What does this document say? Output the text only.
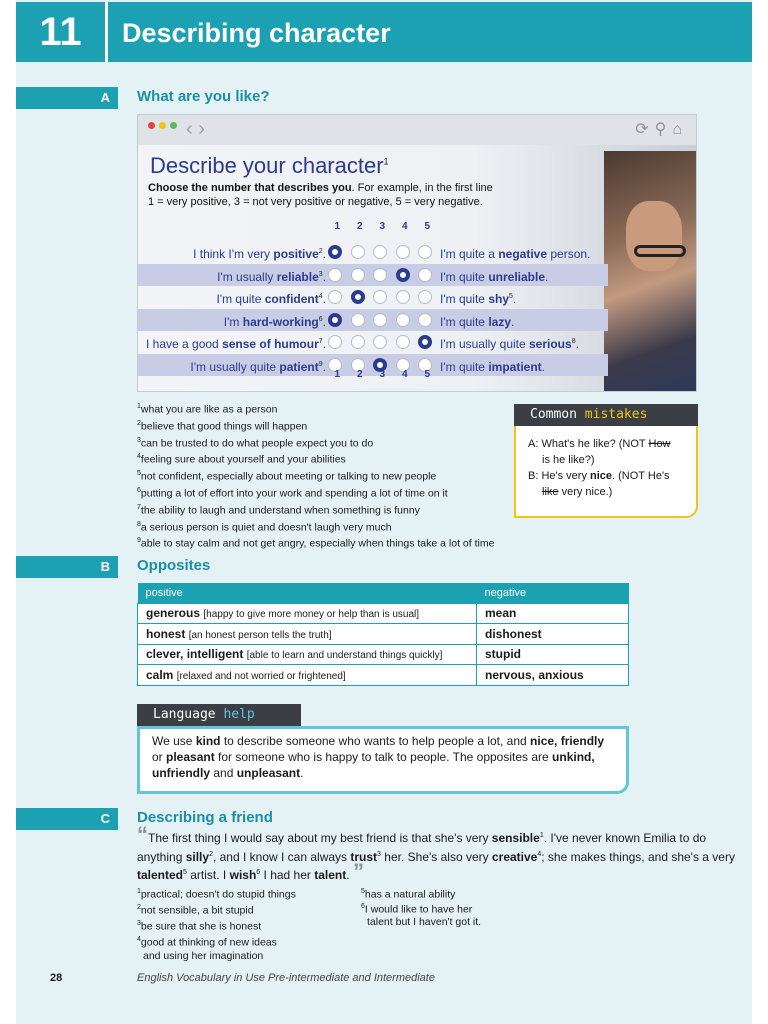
11	Describing character
A	What are you like?
‹ ›	⟳⚲⌂
Describe your character$^1$
Choose the number that describes you. For example, in the first line
1 = very positive, 3 = not very positive or negative, 5 = very negative.
1 2 3 4 5
I think I'm very positive$^2$.	I'm quite a negative person.
I'm usually reliable$^3$.	I'm quite unreliable.
I'm quite confident$^4$.	I'm quite shy$^5$.
I'm hard-working$^6$.	I'm quite lazy.
I have a good sense of humour$^7$.	I'm usually quite serious$^8$.
I'm usually quite patient$^9$.	I'm quite impatient.
1 2 3 4 5
$^1$what you are like as a person
$^2$believe that good things will happen
$^3$can be trusted to do what people expect you to do
$^4$feeling sure about yourself and your abilities
$^5$not confident, especially about meeting or talking to new people
$^6$putting a lot of effort into your work and spending a lot of time on it
$^7$the ability to laugh and understand when something is funny
$^8$a serious person is quiet and doesn't laugh very much
$^9$able to stay calm and not get angry, especially when things take a lot of time
Common mistakes
A: What's he like? (NOT How
is he like?)
B: He's very nice. (NOT He's
like very nice.)
B	Opposites
positive	negative
generous [happy to give more money or help than is usual]	mean
honest [an honest person tells the truth]	dishonest
clever, intelligent [able to learn and understand things quickly]	stupid
calm [relaxed and not worried or frightened]	nervous, anxious
Language help
We use kind to describe someone who wants to help people a lot, and nice, friendly
or pleasant for someone who is happy to talk to people. The opposites are unkind,
unfriendly and unpleasant.
C	Describing a friend
“The first thing I would say about my best friend is that she's very sensible$^1$. I've never known Emilia to do anything silly$^2$, and I know I can always trust$^3$ her. She's also very creative$^4$; she makes things, and she's a very talented$^5$ artist. I wish$^6$ I had her talent. ”
$^1$practical; doesn't do stupid things
$^2$not sensible, a bit stupid
$^3$be sure that she is honest
$^4$good at thinking of new ideas
and using her imagination
$^5$has a natural ability
$^6$I would like to have her
talent but I haven't got it.
28	English Vocabulary in Use Pre-intermediate and Intermediate
